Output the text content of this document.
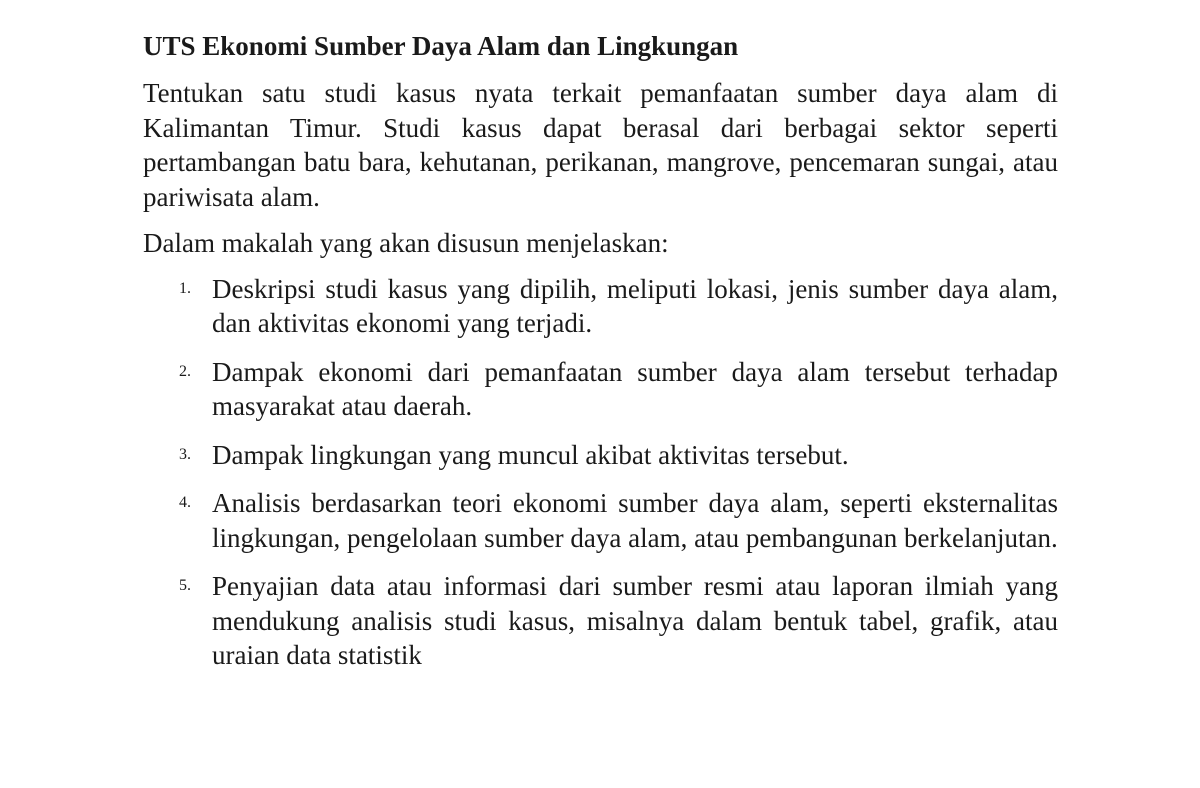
UTS Ekonomi Sumber Daya Alam dan Lingkungan
Tentukan satu studi kasus nyata terkait pemanfaatan sumber daya alam di Kalimantan Timur. Studi kasus dapat berasal dari berbagai sektor seperti pertambangan batu bara, kehutanan, perikanan, mangrove, pencemaran sungai, atau pariwisata alam.
Dalam makalah yang akan disusun menjelaskan:
1. Deskripsi studi kasus yang dipilih, meliputi lokasi, jenis sumber daya alam, dan aktivitas ekonomi yang terjadi.
2. Dampak ekonomi dari pemanfaatan sumber daya alam tersebut terhadap masyarakat atau daerah.
3. Dampak lingkungan yang muncul akibat aktivitas tersebut.
4. Analisis berdasarkan teori ekonomi sumber daya alam, seperti eksternalitas lingkungan, pengelolaan sumber daya alam, atau pembangunan berkelanjutan.
5. Penyajian data atau informasi dari sumber resmi atau laporan ilmiah yang mendukung analisis studi kasus, misalnya dalam bentuk tabel, grafik, atau uraian data statistik
